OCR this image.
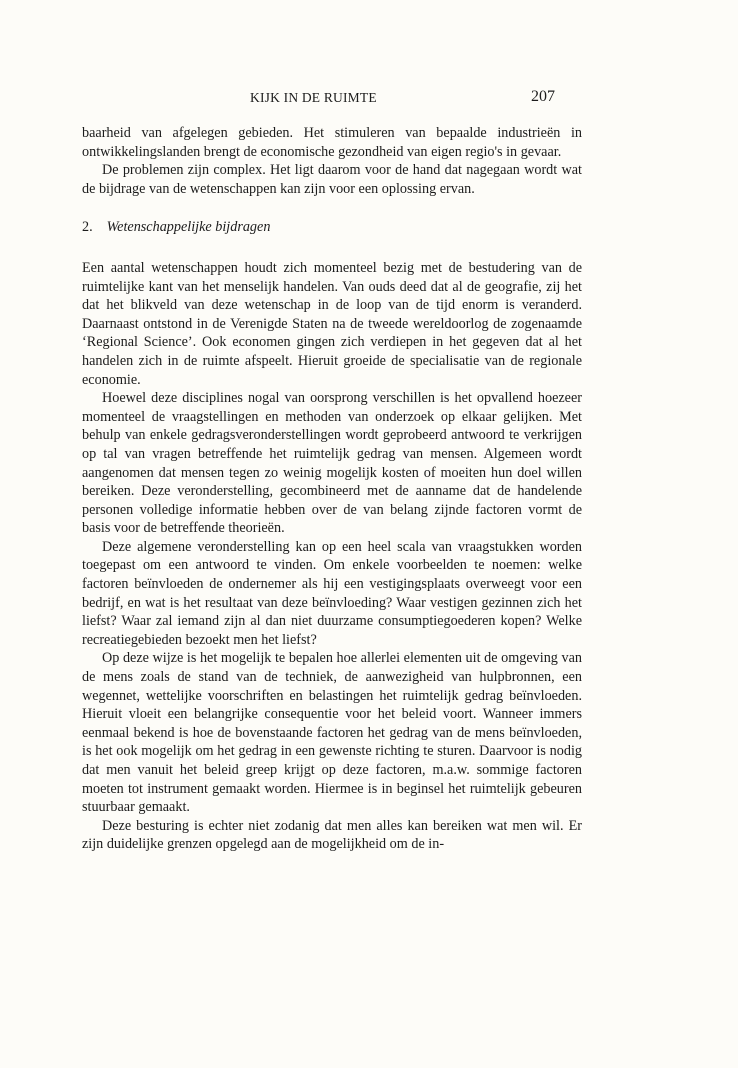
KIJK IN DE RUIMTE	207

baarheid van afgelegen gebieden. Het stimuleren van bepaalde industrieën in ontwikkelingslanden brengt de economische gezondheid van eigen regio's in gevaar.

De problemen zijn complex. Het ligt daarom voor de hand dat nagegaan wordt wat de bijdrage van de wetenschappen kan zijn voor een oplossing ervan.

2. Wetenschappelijke bijdragen

Een aantal wetenschappen houdt zich momenteel bezig met de bestudering van de ruimtelijke kant van het menselijk handelen. Van ouds deed dat al de geografie, zij het dat het blikveld van deze wetenschap in de loop van de tijd enorm is veranderd. Daarnaast ontstond in de Verenigde Staten na de tweede wereldoorlog de zogenaamde ‘Regional Science’. Ook economen gingen zich verdiepen in het gegeven dat al het handelen zich in de ruimte afspeelt. Hieruit groeide de specialisatie van de regionale economie.

Hoewel deze disciplines nogal van oorsprong verschillen is het opvallend hoezeer momenteel de vraagstellingen en methoden van onderzoek op elkaar gelijken. Met behulp van enkele gedragsveronderstellingen wordt geprobeerd antwoord te verkrijgen op tal van vragen betreffende het ruimtelijk gedrag van mensen. Algemeen wordt aangenomen dat mensen tegen zo weinig mogelijk kosten of moeiten hun doel willen bereiken. Deze veronderstelling, gecombineerd met de aanname dat de handelende personen volledige informatie hebben over de van belang zijnde factoren vormt de basis voor de betreffende theorieën.

Deze algemene veronderstelling kan op een heel scala van vraagstukken worden toegepast om een antwoord te vinden. Om enkele voorbeelden te noemen: welke factoren beïnvloeden de ondernemer als hij een vestigingsplaats overweegt voor een bedrijf, en wat is het resultaat van deze beïnvloeding? Waar vestigen gezinnen zich het liefst? Waar zal iemand zijn al dan niet duurzame consumptiegoederen kopen? Welke recreatiegebieden bezoekt men het liefst?

Op deze wijze is het mogelijk te bepalen hoe allerlei elementen uit de omgeving van de mens zoals de stand van de techniek, de aanwezigheid van hulpbronnen, een wegennet, wettelijke voorschriften en belastingen het ruimtelijk gedrag beïnvloeden. Hieruit vloeit een belangrijke consequentie voor het beleid voort. Wanneer immers eenmaal bekend is hoe de bovenstaande factoren het gedrag van de mens beïnvloeden, is het ook mogelijk om het gedrag in een gewenste richting te sturen. Daarvoor is nodig dat men vanuit het beleid greep krijgt op deze factoren, m.a.w. sommige factoren moeten tot instrument gemaakt worden. Hiermee is in beginsel het ruimtelijk gebeuren stuurbaar gemaakt.

Deze besturing is echter niet zodanig dat men alles kan bereiken wat men wil. Er zijn duidelijke grenzen opgelegd aan de mogelijkheid om de in-
